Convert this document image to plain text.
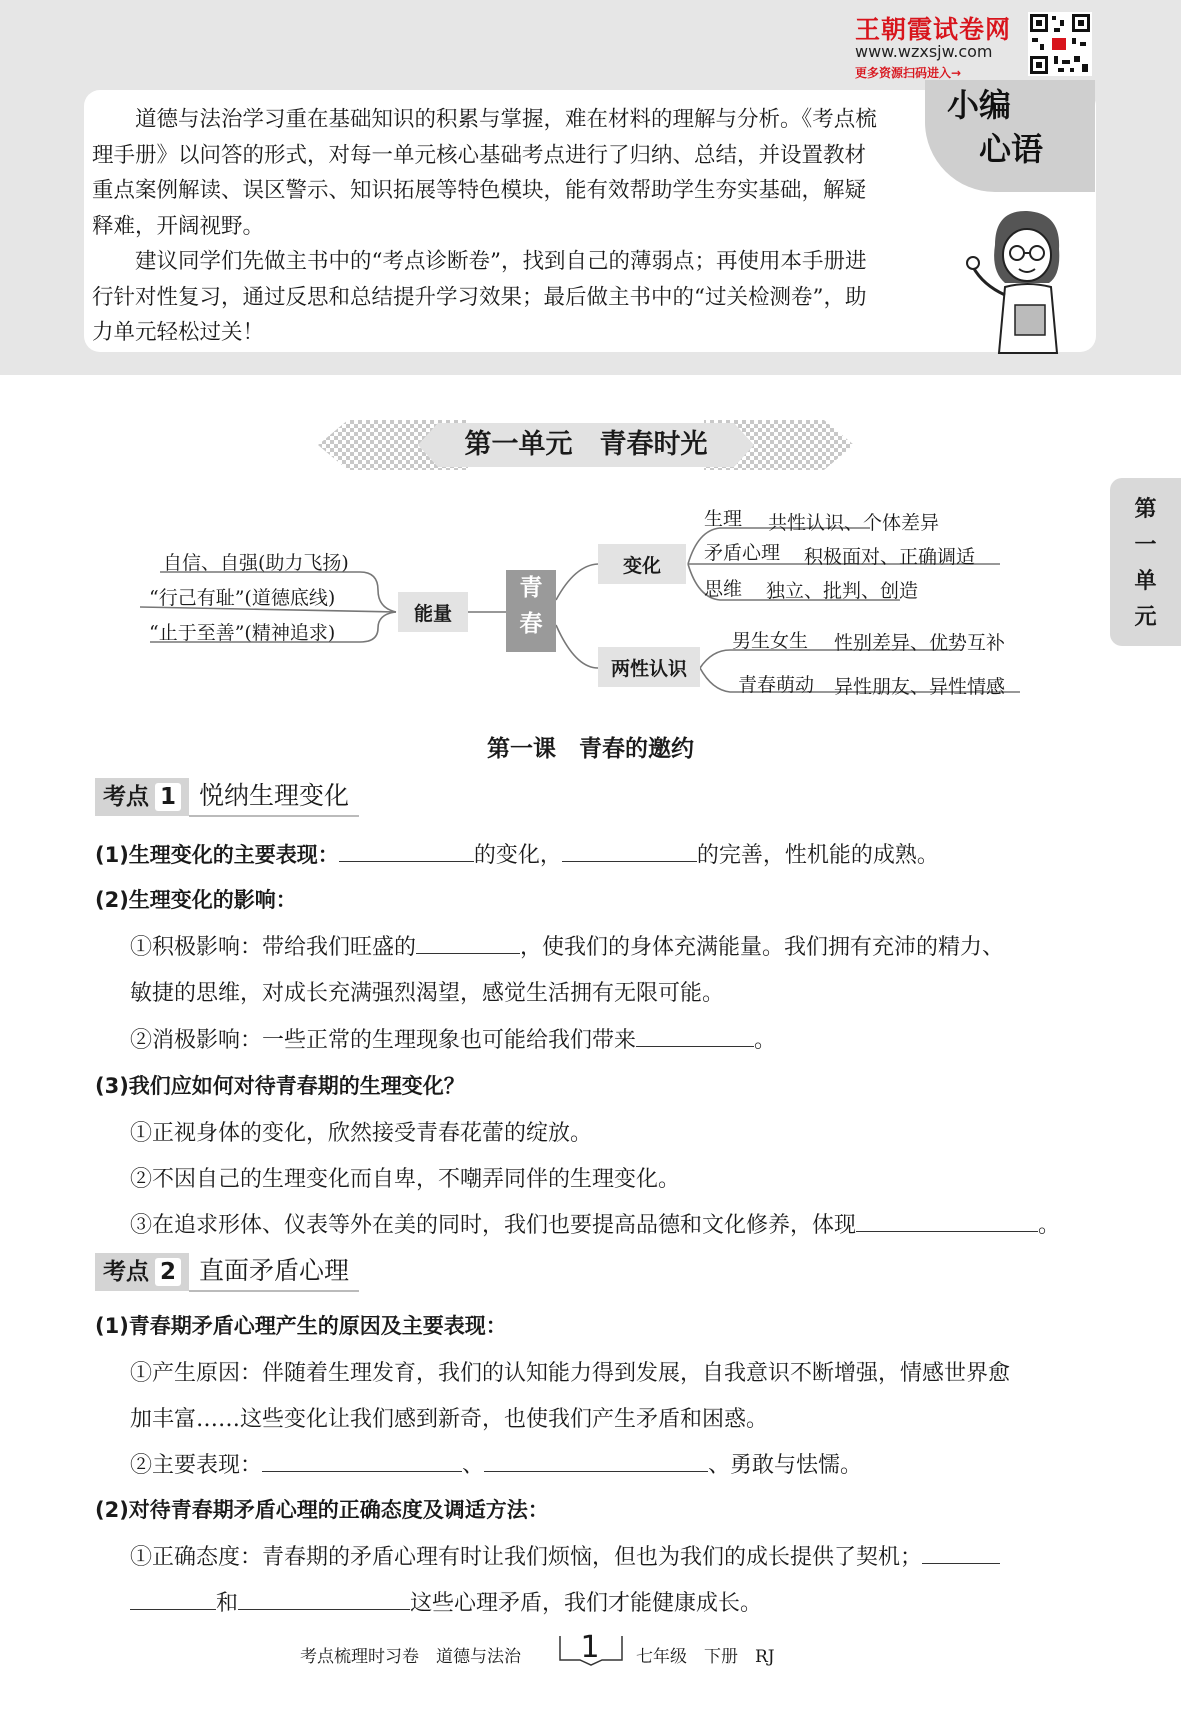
王朝霞试卷网
www.wzxsjw.com
更多资源扫码进入→
小编
心语

道德与法治学习重在基础知识的积累与掌握，难在材料的理解与分析。《考点梳理手册》以问答的形式，对每一单元核心基础考点进行了归纳、总结，并设置教材重点案例解读、误区警示、知识拓展等特色模块，能有效帮助学生夯实基础，解疑释难，开阔视野。

建议同学们先做主书中的“考点诊断卷”，找到自己的薄弱点；再使用本手册进行针对性复习，通过反思和总结提升学习效果；最后做主书中的“过关检测卷”，助力单元轻松过关！

第一单元　青春时光
第
一
单
元
自信、自强(助力飞扬)
“行己有耻”(道德底线)
“止于至善”(精神追求)
能量
青
春
变化
两性认识
生理 共性认识、个体差异
矛盾心理 积极面对、正确调适
思维 独立、批判、创造
男生女生 性别差异、优势互补
青春萌动 异性朋友、异性情感
第一课　青春的邀约
考点 1 悦纳生理变化
(1)生理变化的主要表现：	的变化，	的完善，性机能的成熟。
(2)生理变化的影响：
①积极影响：带给我们旺盛的	，使我们的身体充满能量。我们拥有充沛的精力、
敏捷的思维，对成长充满强烈渴望，感觉生活拥有无限可能。
②消极影响：一些正常的生理现象也可能给我们带来	。
(3)我们应如何对待青春期的生理变化？
①正视身体的变化，欣然接受青春花蕾的绽放。
②不因自己的生理变化而自卑，不嘲弄同伴的生理变化。
③在追求形体、仪表等外在美的同时，我们也要提高品德和文化修养，体现	。
考点 2 直面矛盾心理
(1)青春期矛盾心理产生的原因及主要表现：
①产生原因：伴随着生理发育，我们的认知能力得到发展，自我意识不断增强，情感世界愈
加丰富……这些变化让我们感到新奇，也使我们产生矛盾和困惑。
②主要表现：	、	、勇敢与怯懦。
(2)对待青春期矛盾心理的正确态度及调适方法：
①正确态度：青春期的矛盾心理有时让我们烦恼，但也为我们的成长提供了契机；
和	这些心理矛盾，我们才能健康成长。
考点梳理时习卷　道德与法治 1	七年级　下册　RJ
